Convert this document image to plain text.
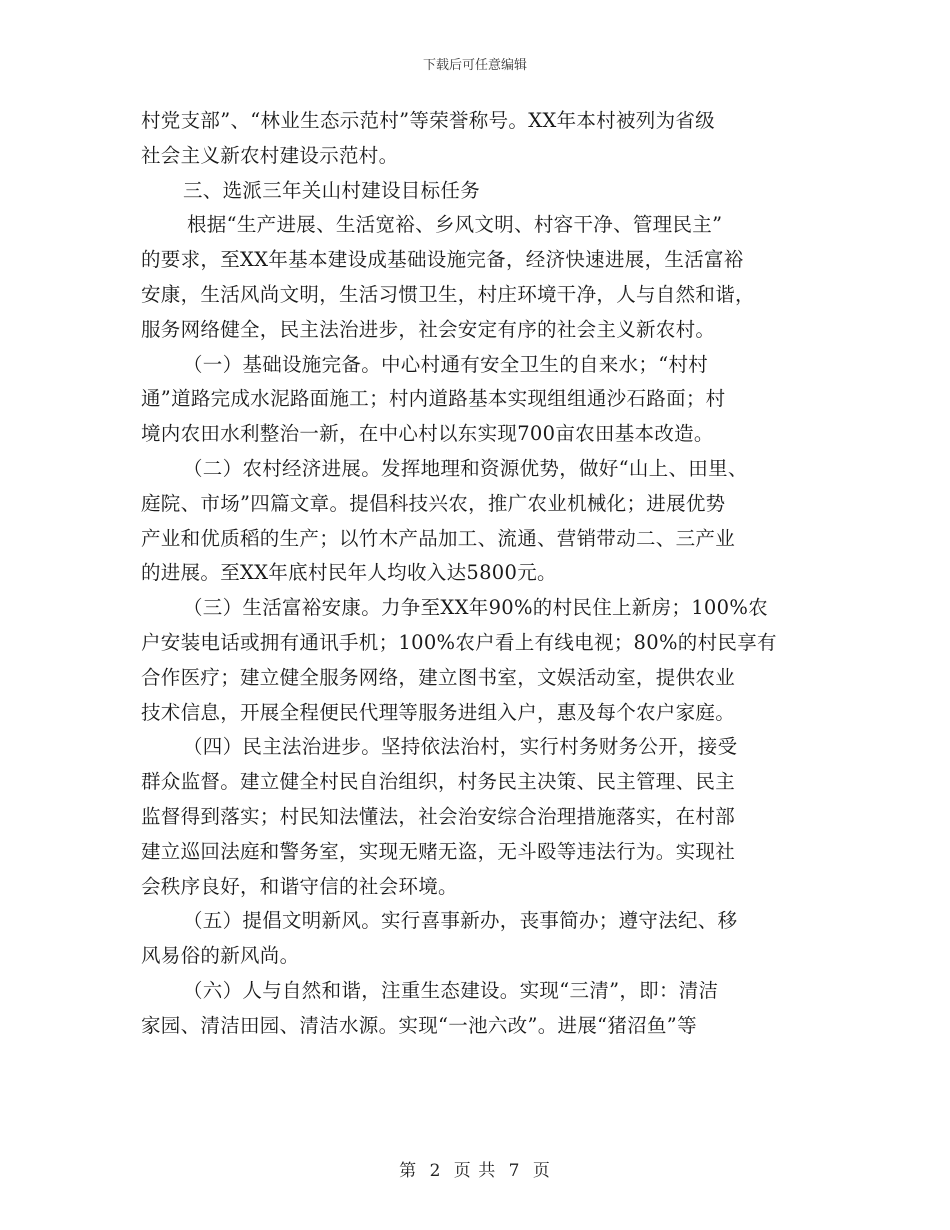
下载后可任意编辑
村党支部”、“林业生态示范村”等荣誉称号。XX年本村被列为省级
社会主义新农村建设示范村。
三、选派三年关山村建设目标任务
根据“生产进展、生活宽裕、乡风文明、村容干净、管理民主”
的要求，至XX年基本建设成基础设施完备，经济快速进展，生活富裕
安康，生活风尚文明，生活习惯卫生，村庄环境干净，人与自然和谐，
服务网络健全，民主法治进步，社会安定有序的社会主义新农村。
（一）基础设施完备。中心村通有安全卫生的自来水；“村村
通”道路完成水泥路面施工；村内道路基本实现组组通沙石路面；村
境内农田水利整治一新，在中心村以东实现700亩农田基本改造。
（二）农村经济进展。发挥地理和资源优势，做好“山上、田里、
庭院、市场”四篇文章。提倡科技兴农，推广农业机械化；进展优势
产业和优质稻的生产；以竹木产品加工、流通、营销带动二、三产业
的进展。至XX年底村民年人均收入达5800元。
（三）生活富裕安康。力争至XX年90%的村民住上新房；100%农
户安装电话或拥有通讯手机；100%农户看上有线电视；80%的村民享有
合作医疗；建立健全服务网络，建立图书室，文娱活动室，提供农业
技术信息，开展全程便民代理等服务进组入户，惠及每个农户家庭。
（四）民主法治进步。坚持依法治村，实行村务财务公开，接受
群众监督。建立健全村民自治组织，村务民主决策、民主管理、民主
监督得到落实；村民知法懂法，社会治安综合治理措施落实，在村部
建立巡回法庭和警务室，实现无赌无盗，无斗殴等违法行为。实现社
会秩序良好，和谐守信的社会环境。
（五）提倡文明新风。实行喜事新办，丧事简办；遵守法纪、移
风易俗的新风尚。
（六）人与自然和谐，注重生态建设。实现“三清”，即：清洁
家园、清洁田园、清洁水源。实现“一池六改”。进展“猪沼鱼”等
第 2 页 共 7 页
